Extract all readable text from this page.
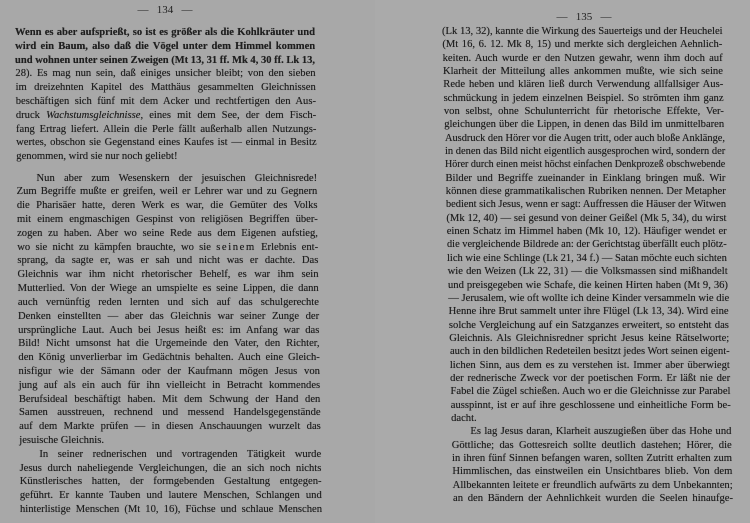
—   134   —
Wenn es aber aufsprießt, so ist es größer als die Kohlkräuter und
wird ein Baum, also daß die Vögel unter dem Himmel kommen
und wohnen unter seinen Zweigen (Mt 13, 31 ff. Mk 4, 30 ff. Lk 13,
28). Es mag nun sein, daß einiges unsicher bleibt; von den sieben
im dreizehnten Kapitel des Matthäus gesammelten Gleichnissen
beschäftigen sich fünf mit dem Acker und rechtfertigen den Aus-
druck Wachstumsgleichnisse, eines mit dem See, der dem Fisch-
fang Ertrag liefert. Allein die Perle fällt außerhalb allen Nutzungs-
wertes, obschon sie Gegenstand eines Kaufes ist — einmal in Besitz
genommen, wird sie nur noch geliebt!
Nun aber zum Wesenskern der jesuischen Gleichnisrede!
Zum Begriffe mußte er greifen, weil er Lehrer war und zu Gegnern
die Pharisäer hatte, deren Werk es war, die Gemüter des Volks
mit einem engmaschigen Gespinst von religiösen Begriffen über-
zogen zu haben. Aber wo seine Rede aus dem Eigenen aufstieg,
wo sie nicht zu kämpfen brauchte, wo sie seinem Erlebnis ent-
sprang, da sagte er, was er sah und nicht was er dachte. Das
Gleichnis war ihm nicht rhetorischer Behelf, es war ihm sein
Mutterlied. Von der Wiege an umspielte es seine Lippen, die dann
auch vernünftig reden lernten und sich auf das schulgerechte
Denken einstellten — aber das Gleichnis war seiner Zunge der
ursprüngliche Laut. Auch bei Jesus heißt es: im Anfang war das
Bild! Nicht umsonst hat die Urgemeinde den Vater, den Richter,
den König unverlierbar im Gedächtnis behalten. Auch eine Gleich-
nisfigur wie der Sämann oder der Kaufmann mögen Jesus von
jung auf als ein auch für ihn vielleicht in Betracht kommendes
Berufsideal beschäftigt haben. Mit dem Schwung der Hand den
Samen ausstreuen, rechnend und messend Handelsgegenstände
auf dem Markte prüfen — in diesen Anschauungen wurzelt das
jesuische Gleichnis.
In seiner rednerischen und vortragenden Tätigkeit wurde
Jesus durch naheliegende Vergleichungen, die an sich noch nichts
Künstlerisches hatten, der formgebenden Gestaltung entgegen-
geführt. Er kannte Tauben und lautere Menschen, Schlangen und
hinterlistige Menschen (Mt 10, 16), Füchse und schlaue Menschen
—   135   —
(Lk 13, 32), kannte die Wirkung des Sauerteigs und der Heuchelei
(Mt 16, 6. 12. Mk 8, 15) und merkte sich dergleichen Aehnlich-
keiten. Auch wurde er den Nutzen gewahr, wenn ihm doch auf
Klarheit der Mitteilung alles ankommen mußte, wie sich seine
Rede heben und klären ließ durch Verwendung allfallsiger Aus-
schmückung in jedem einzelnen Beispiel. So strömten ihm ganz
von selbst, ohne Schulunterricht für rhetorische Effekte, Ver-
gleichungen über die Lippen, in denen das Bild im unmittelbaren
Ausdruck den Hörer vor die Augen tritt, oder auch bloße Anklänge,
in denen das Bild nicht eigentlich ausgesprochen wird, sondern der
Hörer durch einen meist höchst einfachen Denkprozeß obschwebende
Bilder und Begriffe zueinander in Einklang bringen muß. Wir
können diese grammatikalischen Rubriken nennen. Der Metapher
bedient sich Jesus, wenn er sagt: Auffressen die Häuser der Witwen
(Mk 12, 40) — sei gesund von deiner Geißel (Mk 5, 34), du wirst
einen Schatz im Himmel haben (Mk 10, 12). Häufiger wendet er
die vergleichende Bildrede an: der Gerichtstag überfällt euch plötz-
lich wie eine Schlinge (Lk 21, 34 f.) — Satan möchte euch sichten
wie den Weizen (Lk 22, 31) — die Volksmassen sind mißhandelt
und preisgegeben wie Schafe, die keinen Hirten haben (Mt 9, 36)
— Jerusalem, wie oft wollte ich deine Kinder versammeln wie die
Henne ihre Brut sammelt unter ihre Flügel (Lk 13, 34). Wird eine
solche Vergleichung auf ein Satzganzes erweitert, so entsteht das
Gleichnis. Als Gleichnisredner spricht Jesus keine Rätselworte;
auch in den bildlichen Redeteilen besitzt jedes Wort seinen eigent-
lichen Sinn, aus dem es zu verstehen ist. Immer aber überwiegt
der rednerische Zweck vor der poetischen Form. Er läßt nie der
Fabel die Zügel schießen. Auch wo er die Gleichnisse zur Parabel
ausspinnt, ist er auf ihre geschlossene und einheitliche Form be-
dacht.
Es lag Jesus daran, Klarheit auszugießen über das Hohe und
Göttliche; das Gottesreich sollte deutlich dastehen; Hörer, die
in ihren fünf Sinnen befangen waren, sollten Zutritt erhalten zum
Himmlischen, das einstweilen ein Unsichtbares blieb. Von dem
Allbekannten leitete er freundlich aufwärts zu dem Unbekannten;
an den Bändern der Aehnlichkeit wurden die Seelen hinaufge-
